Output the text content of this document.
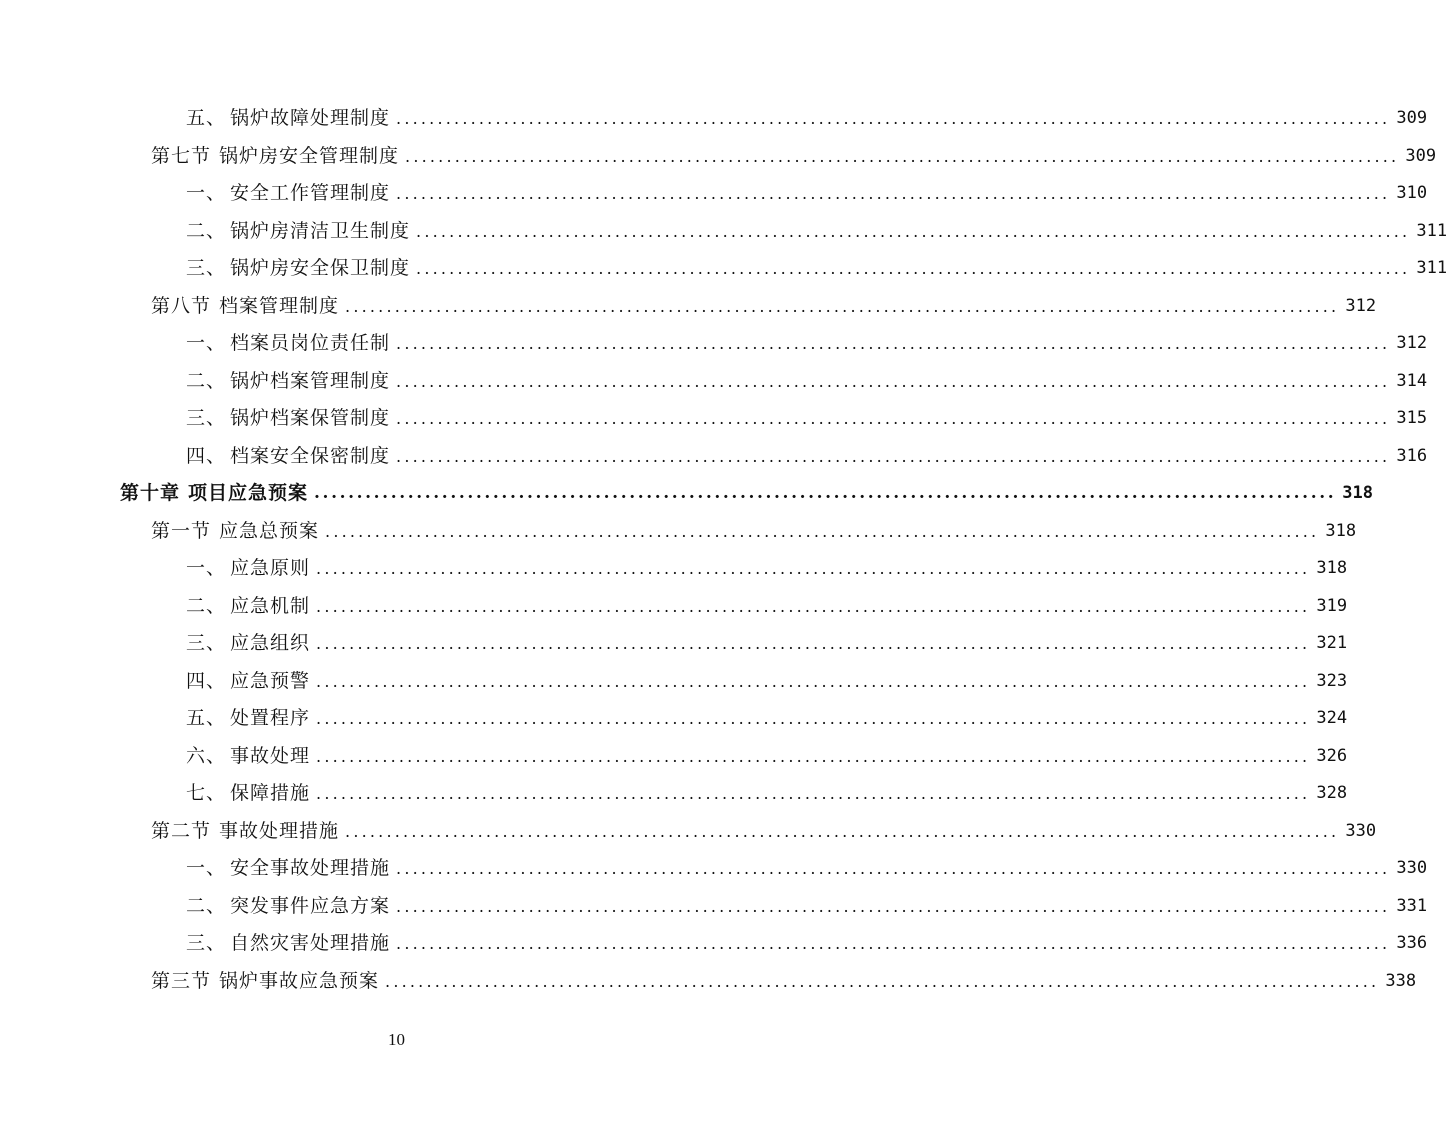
五、 锅炉故障处理制度 ........................................................................................................................ 309
第七节 锅炉房安全管理制度 ........................................................................................................................ 309
一、 安全工作管理制度 ........................................................................................................................ 310
二、 锅炉房清洁卫生制度 ........................................................................................................................ 311
三、 锅炉房安全保卫制度 ........................................................................................................................ 311
第八节 档案管理制度 ........................................................................................................................ 312
一、 档案员岗位责任制 ........................................................................................................................ 312
二、 锅炉档案管理制度 ........................................................................................................................ 314
三、 锅炉档案保管制度 ........................................................................................................................ 315
四、 档案安全保密制度 ........................................................................................................................ 316
第十章 项目应急预案 ........................................................................................................................ 318
第一节 应急总预案 ........................................................................................................................ 318
一、 应急原则 ........................................................................................................................ 318
二、 应急机制 ........................................................................................................................ 319
三、 应急组织 ........................................................................................................................ 321
四、 应急预警 ........................................................................................................................ 323
五、 处置程序 ........................................................................................................................ 324
六、 事故处理 ........................................................................................................................ 326
七、 保障措施 ........................................................................................................................ 328
第二节 事故处理措施 ........................................................................................................................ 330
一、 安全事故处理措施 ........................................................................................................................ 330
二、 突发事件应急方案 ........................................................................................................................ 331
三、 自然灾害处理措施 ........................................................................................................................ 336
第三节 锅炉事故应急预案 ........................................................................................................................ 338
10
